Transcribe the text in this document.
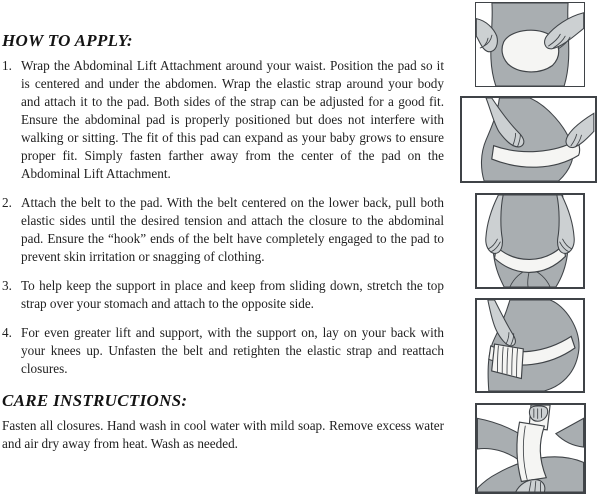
HOW TO APPLY:
1. Wrap the Abdominal Lift Attachment around your waist. Position the pad so it is centered and under the abdomen. Wrap the elastic strap around your body and attach it to the pad. Both sides of the strap can be adjusted for a good fit. Ensure the abdominal pad is properly positioned but does not interfere with walking or sitting. The fit of this pad can expand as your baby grows to ensure proper fit. Simply fasten farther away from the center of the pad on the Abdominal Lift Attachment.

2. Attach the belt to the pad. With the belt centered on the lower back, pull both elastic sides until the desired tension and attach the closure to the abdominal pad. Ensure the “hook” ends of the belt have completely engaged to the pad to prevent skin irritation or snagging of clothing.

3. To help keep the support in place and keep from sliding down, stretch the top strap over your stomach and attach to the opposite side.

4. For even greater lift and support, with the support on, lay on your back with your knees up. Unfasten the belt and retighten the elastic strap and reattach closures.

CARE INSTRUCTIONS:

Fasten all closures. Hand wash in cool water with mild soap. Remove excess water and air dry away from heat. Wash as needed.
